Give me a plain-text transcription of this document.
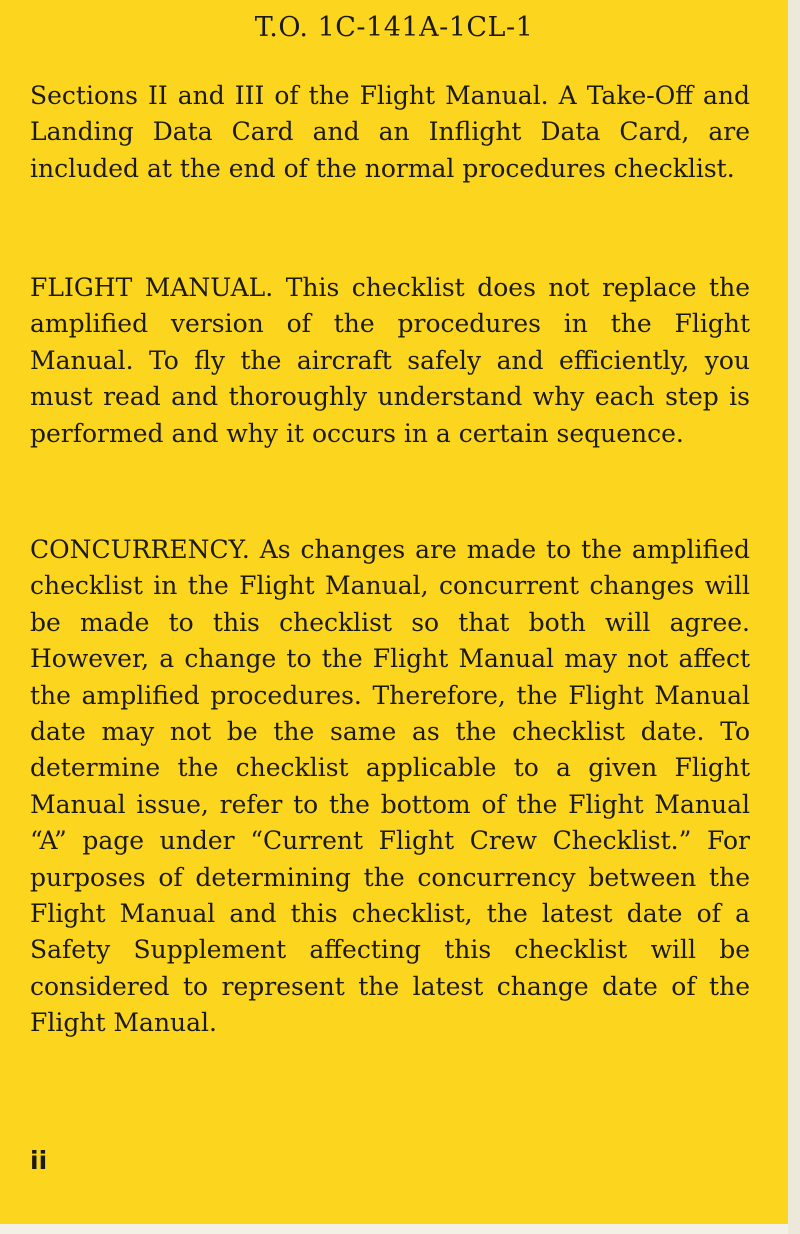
T.O. 1C-141A-1CL-1

Sections II and III of the Flight Manual. A Take-Off and Landing Data Card and an Inflight Data Card, are included at the end of the normal procedures checklist.

FLIGHT MANUAL. This checklist does not replace the amplified version of the procedures in the Flight Manual. To fly the aircraft safely and efficiently, you must read and thoroughly understand why each step is performed and why it occurs in a certain sequence.

CONCURRENCY. As changes are made to the amplified checklist in the Flight Manual, concurrent changes will be made to this checklist so that both will agree. However, a change to the Flight Manual may not affect the amplified procedures. Therefore, the Flight Manual date may not be the same as the checklist date. To determine the checklist applicable to a given Flight Manual issue, refer to the bottom of the Flight Manual “A” page under “Current Flight Crew Checklist.” For purposes of determining the concurrency between the Flight Manual and this checklist, the latest date of a Safety Supplement affecting this checklist will be considered to represent the latest change date of the Flight Manual.

ii
